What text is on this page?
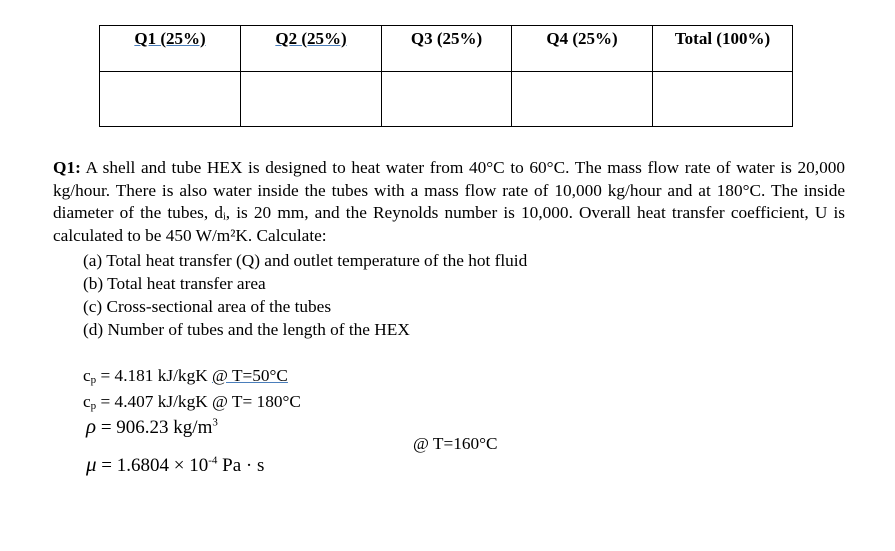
Q1 (25%)	Q2 (25%)	Q3 (25%)	Q4 (25%)	Total (100%)

Q1: A shell and tube HEX is designed to heat water from 40°C to 60°C. The mass flow rate of water is 20,000 kg/hour. There is also water inside the tubes with a mass flow rate of 10,000 kg/hour and at 180°C. The inside diameter of the tubes, dᵢ, is 20 mm, and the Reynolds number is 10,000. Overall heat transfer coefficient, U is calculated to be 450 W/m²K. Calculate:
(a) Total heat transfer (Q) and outlet temperature of the hot fluid
(b) Total heat transfer area
(c) Cross-sectional area of the tubes
(d) Number of tubes and the length of the HEX
cp = 4.181 kJ/kgK @ T=50°C
cp = 4.407 kJ/kgK @ T= 180°C
ρ = 906.23 $kg/m^3$
$\mu = 1.6804 \times 10^{-4}$ Pa · s
@ T=160°C
